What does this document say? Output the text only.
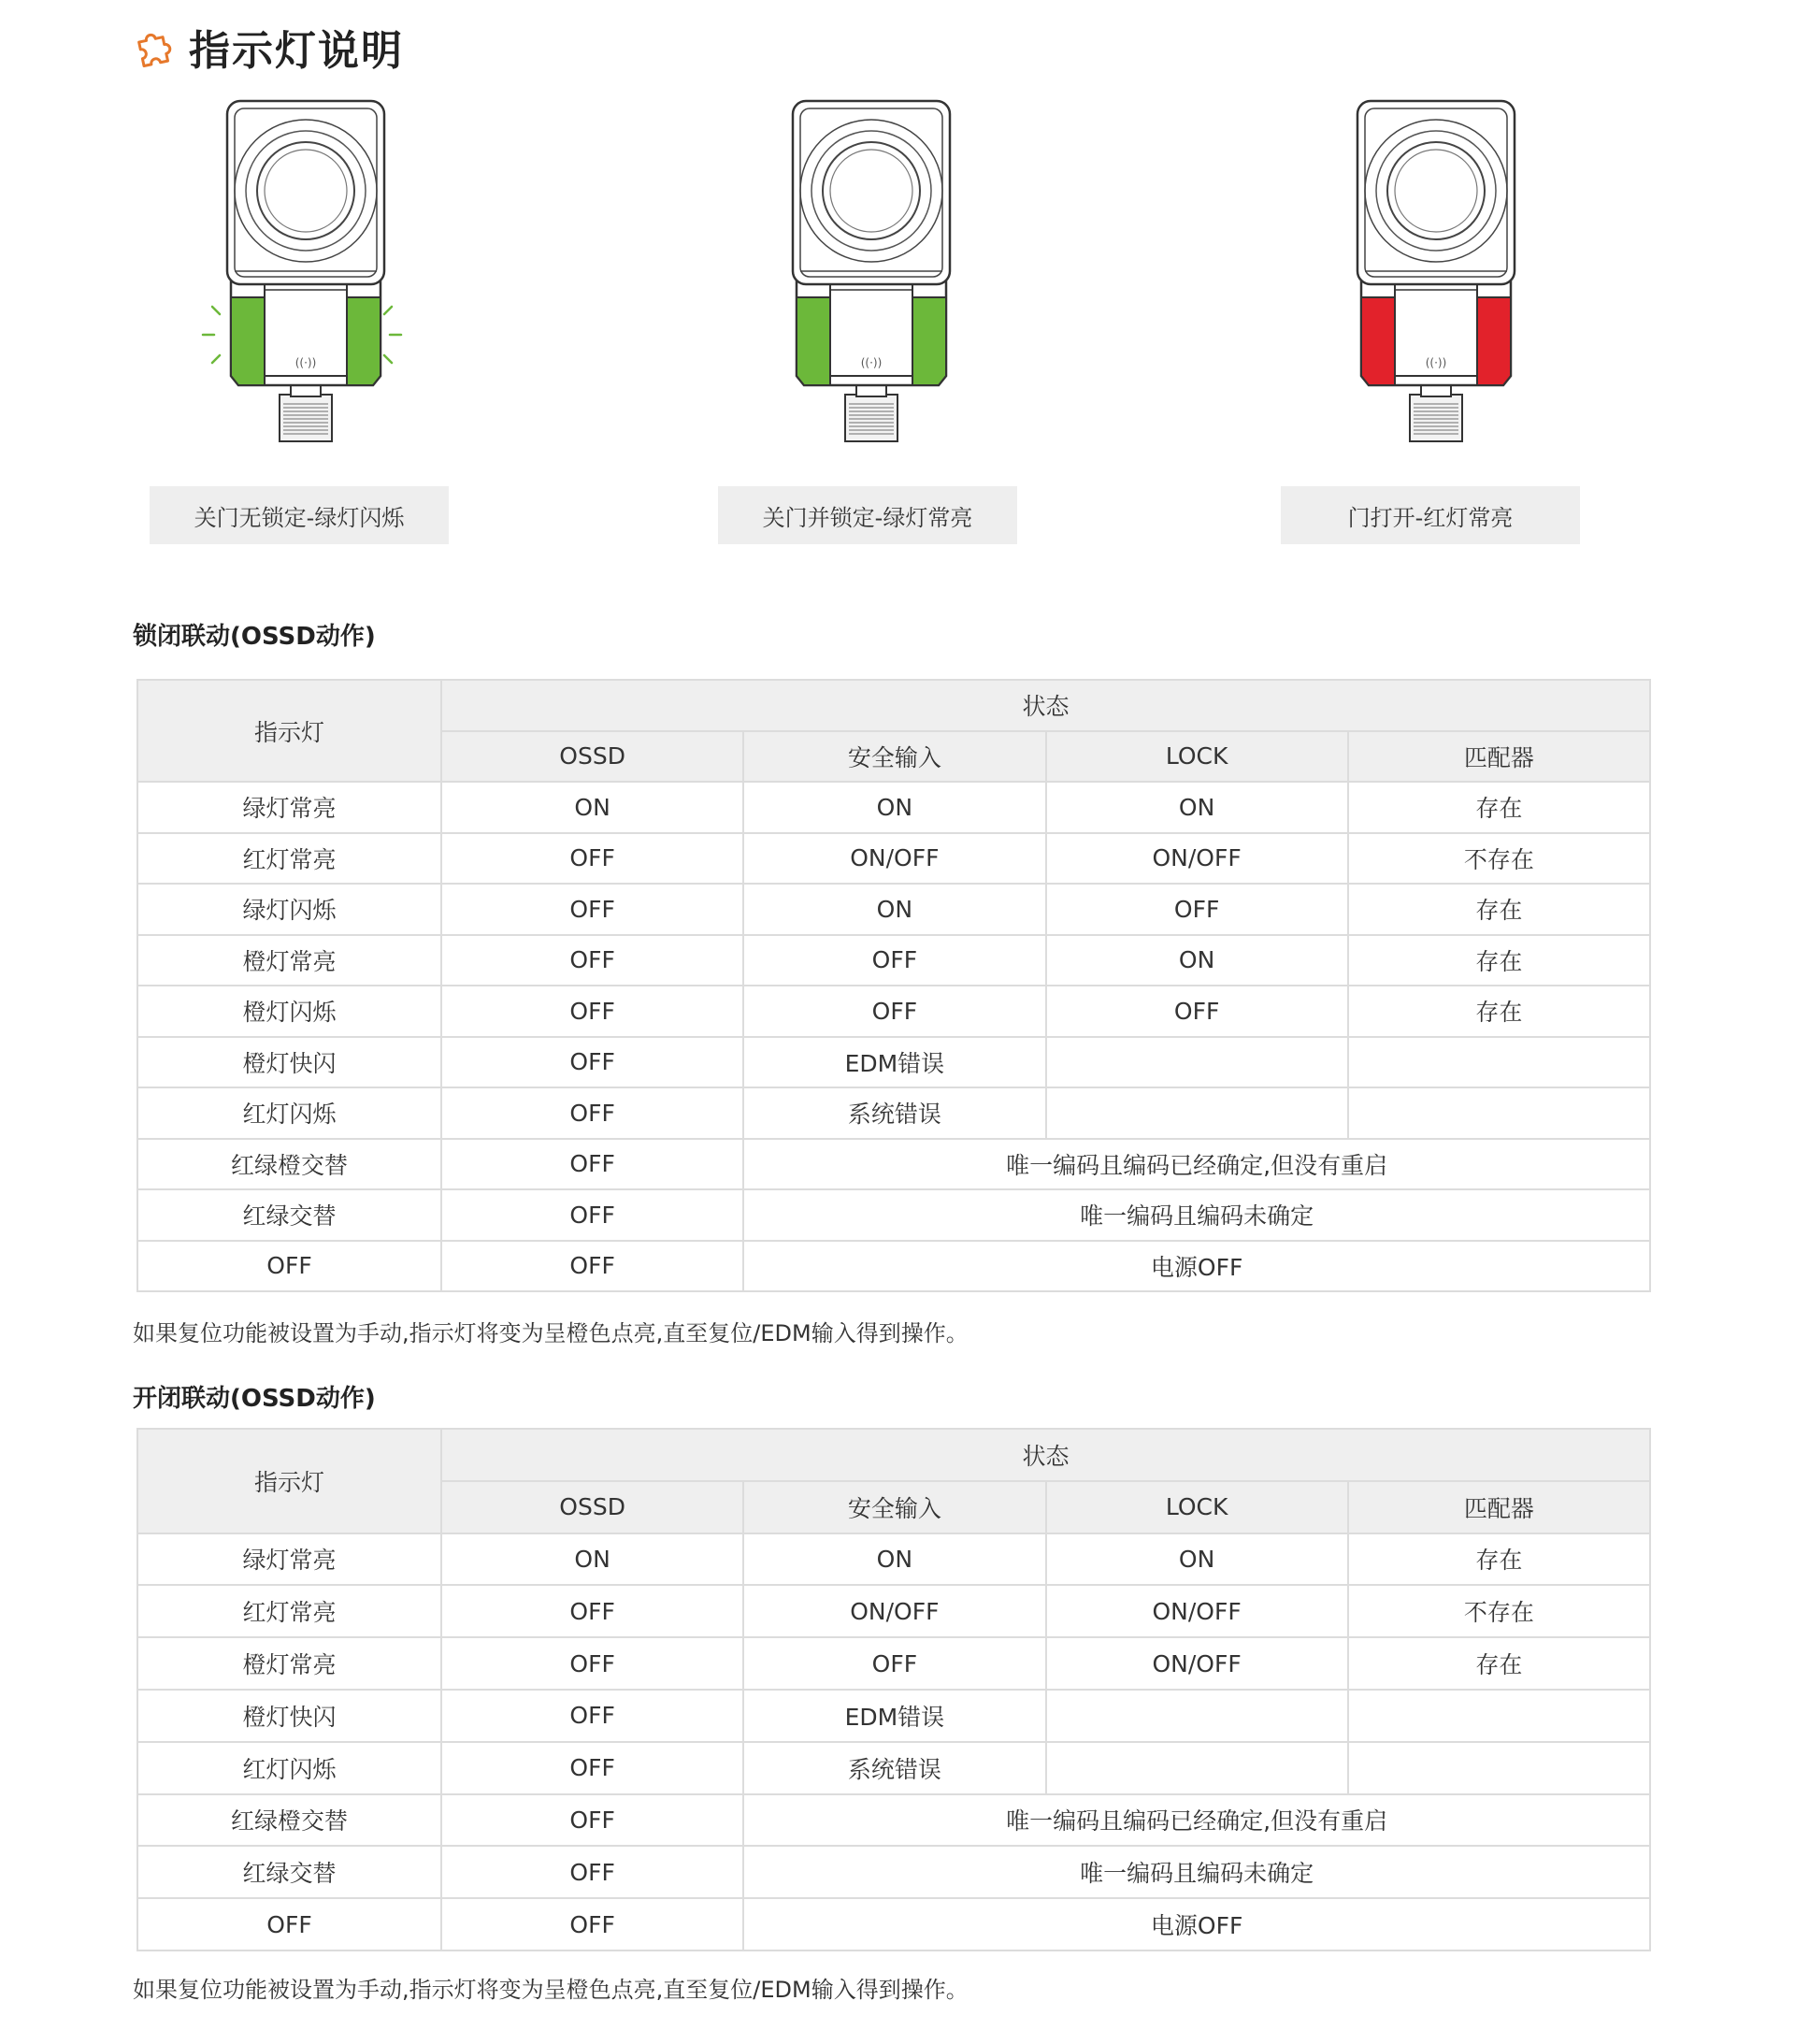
指示灯说明
((·))	((·))	((·))
关门无锁定-绿灯闪烁	关门并锁定-绿灯常亮	门打开-红灯常亮
锁闭联动(OSSD动作)
指示灯	状态			
	OSSD	安全输入	LOCK	匹配器
绿灯常亮	ON	ON	ON	存在
红灯常亮	OFF	ON/OFF	ON/OFF	不存在
绿灯闪烁	OFF	ON	OFF	存在
橙灯常亮	OFF	OFF	ON	存在
橙灯闪烁	OFF	OFF	OFF	存在
橙灯快闪	OFF	EDM错误		
红灯闪烁	OFF	系统错误		
红绿橙交替	OFF	唯一编码且编码已经确定,但没有重启		
红绿交替	OFF	唯一编码且编码未确定		
OFF	OFF	电源OFF		
如果复位功能被设置为手动,指示灯将变为呈橙色点亮,直至复位/EDM输入得到操作。
开闭联动(OSSD动作)
指示灯	状态			
	OSSD	安全输入	LOCK	匹配器
绿灯常亮	ON	ON	ON	存在
红灯常亮	OFF	ON/OFF	ON/OFF	不存在
橙灯常亮	OFF	OFF	ON/OFF	存在
橙灯快闪	OFF	EDM错误		
红灯闪烁	OFF	系统错误		
红绿橙交替	OFF	唯一编码且编码已经确定,但没有重启		
红绿交替	OFF	唯一编码且编码未确定		
OFF	OFF	电源OFF		
如果复位功能被设置为手动,指示灯将变为呈橙色点亮,直至复位/EDM输入得到操作。
